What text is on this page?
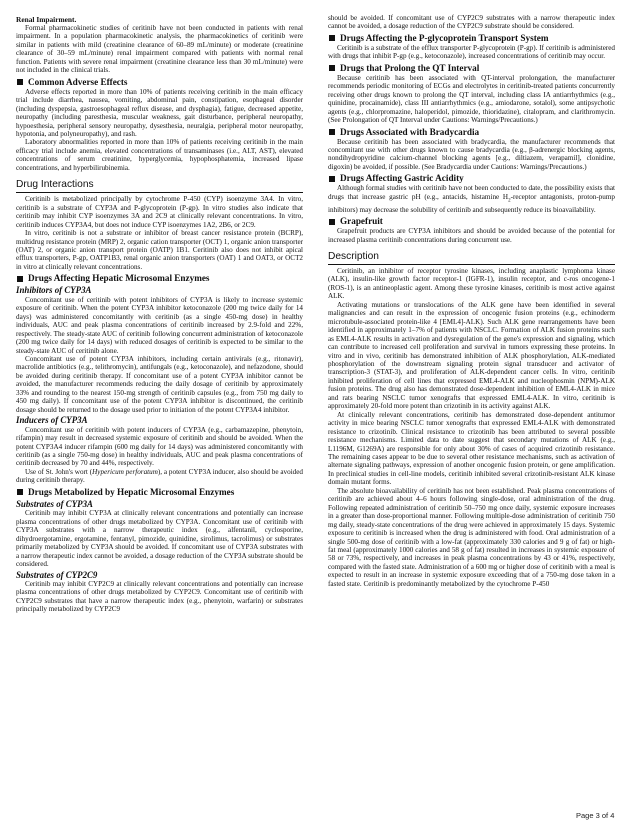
Renal Impairment.

Formal pharmacokinetic studies of ceritinib have not been conducted in patients with renal impairment. In a population pharmacokinetic analysis, the pharmacokinetics of ceritinib were similar in patients with mild (creatinine clearance of 60–89 mL/minute) or moderate (creatinine clearance of 30–59 mL/minute) renal impairment compared with patients with normal renal function. Patients with severe renal impairment (creatinine clearance less than 30 mL/minute) were not included in the clinical trials.

Common Adverse Effects

Adverse effects reported in more than 10% of patients receiving ceritinib in the main efficacy trial include diarrhea, nausea, vomiting, abdominal pain, constipation, esophageal disorder (including dyspepsia, gastroesophageal reflux disease, and dysphagia), fatigue, decreased appetite, neuropathy (including paresthesia, muscular weakness, gait disturbance, peripheral neuropathy, hypoesthesia, peripheral sensory neuropathy, dysesthesia, neuralgia, peripheral motor neuropathy, hypotonia, and polyneuropathy), and rash.

Laboratory abnormalities reported in more than 10% of patients receiving ceritinib in the main efficacy trial include anemia, elevated concentrations of transaminases (i.e., ALT, AST), elevated concentrations of serum creatinine, hyperglycemia, hypophosphatemia, increased lipase concentrations, and hyperbilirubinemia.

Drug Interactions

Ceritinib is metabolized principally by cytochrome P-450 (CYP) isoenzyme 3A4. In vitro, ceritinib is a substrate of CYP3A and P-glycoprotein (P-gp). In vitro studies also indicate that ceritinib may inhibit CYP isoenzymes 3A and 2C9 at clinically relevant concentrations. In vitro, ceritinib induces CYP3A4, but does not induce CYP isoenzymes 1A2, 2B6, or 2C9.

In vitro, ceritinib is not a substrate or inhibitor of breast cancer resistance protein (BCRP), multidrug resistance protein (MRP) 2, organic cation transporter (OCT) 1, organic anion transporter (OAT) 2, or organic anion transport protein (OATP) 1B1. Ceritinib also does not inhibit apical efflux transporters, P-gp, OATP1B3, renal organic anion transporters (OAT) 1 and OAT3, or OCT2 in vitro at clinically relevant concentrations.

Drugs Affecting Hepatic Microsomal Enzymes
Inhibitors of CYP3A

Concomitant use of ceritinib with potent inhibitors of CYP3A is likely to increase systemic exposure of ceritinib. When the potent CYP3A inhibitor ketoconazole (200 mg twice daily for 14 days) was administered concomitantly with ceritinib (as a single 450-mg dose) in healthy individuals, AUC and peak plasma concentrations of ceritinib increased by 2.9-fold and 22%, respectively. The steady-state AUC of ceritinib following concurrent administration of ketoconazole (200 mg twice daily for 14 days) with reduced dosages of ceritinib is expected to be similar to the steady-state AUC of ceritinib alone.

Concomitant use of potent CYP3A inhibitors, including certain antivirals (e.g., ritonavir), macrolide antibiotics (e.g., telithromycin), antifungals (e.g., ketoconazole), and nefazodone, should be avoided during ceritinib therapy. If concomitant use of a potent CYP3A inhibitor cannot be avoided, the manufacturer recommends reducing the daily dosage of ceritinib by approximately 33% and rounding to the nearest 150-mg strength of ceritinib capsules (e.g., from 750 mg daily to 450 mg daily). If concomitant use of the potent CYP3A inhibitor is discontinued, the ceritinib dosage should be returned to the dosage used prior to initiation of the potent CYP3A4 inhibitor.

Inducers of CYP3A

Concomitant use of ceritinib with potent inducers of CYP3A (e.g., carbamazepine, phenytoin, rifampin) may result in decreased systemic exposure of ceritinib and should be avoided. When the potent CYP3A4 inducer rifampin (600 mg daily for 14 days) was administered concomitantly with ceritinib (as a single 750-mg dose) in healthy individuals, AUC and peak plasma concentrations of ceritinib decreased by 70 and 44%, respectively.

Use of St. John's wort (Hypericum perforatum), a potent CYP3A inducer, also should be avoided during ceritinib therapy.

Drugs Metabolized by Hepatic Microsomal Enzymes
Substrates of CYP3A

Ceritinib may inhibit CYP3A at clinically relevant concentrations and potentially can increase plasma concentrations of other drugs metabolized by CYP3A. Concomitant use of ceritinib with CYP3A substrates with a narrow therapeutic index (e.g., alfentanil, cyclosporine, dihydroergotamine, ergotamine, fentanyl, pimozide, quinidine, sirolimus, tacrolimus) or substrates primarily metabolized by CYP3A should be avoided. If concomitant use of CYP3A substrates with a narrow therapeutic index cannot be avoided, a dosage reduction of the CYP3A substrate should be considered.

Substrates of CYP2C9

Ceritinib may inhibit CYP2C9 at clinically relevant concentrations and potentially can increase plasma concentrations of other drugs metabolized by CYP2C9. Concomitant use of ceritinib with CYP2C9 substrates that have a narrow therapeutic index (e.g., phenytoin, warfarin) or substrates principally metabolized by CYP2C9

should be avoided. If concomitant use of CYP2C9 substrates with a narrow therapeutic index cannot be avoided, a dosage reduction of the CYP2C9 substrate should be considered.

Drugs Affecting the P-glycoprotein Transport System

Ceritinib is a substrate of the efflux transporter P-glycoprotein (P-gp). If ceritinib is administered with drugs that inhibit P-gp (e.g., ketoconazole), increased concentrations of ceritinib may occur.

Drugs that Prolong the QT Interval

Because ceritinib has been associated with QT-interval prolongation, the manufacturer recommends periodic monitoring of ECGs and electrolytes in ceritinib-treated patients concurrently receiving other drugs known to prolong the QT interval, including class IA antiarrhythmics (e.g., quinidine, procainamide), class III antiarrhythmics (e.g., amiodarone, sotalol), some antipsychotic agents (e.g., chlorpromazine, haloperidol, pimozide, thioridazine), citalopram, and clarithromycin. (See Prolongation of QT Interval under Cautions: Warnings/Precautions.)

Drugs Associated with Bradycardia

Because ceritinib has been associated with bradycardia, the manufacturer recommends that concomitant use with other drugs known to cause bradycardia (e.g., β-adrenergic blocking agents, nondihydropyridine calcium-channel blocking agents [e.g., diltiazem, verapamil], clonidine, digoxin) be avoided, if possible. (See Bradycardia under Cautions: Warnings/Precautions.)

Drugs Affecting Gastric Acidity

Although formal studies with ceritinib have not been conducted to date, the possibility exists that drugs that increase gastric pH (e.g., antacids, histamine $H_2$-receptor antagonists, proton-pump inhibitors) may decrease the solubility of ceritinib and subsequently reduce its bioavailability.

Grapefruit

Grapefruit products are CYP3A inhibitors and should be avoided because of the potential for increased plasma ceritinib concentrations during concurrent use.

Description

Ceritinib, an inhibitor of receptor tyrosine kinases, including anaplastic lymphoma kinase (ALK), insulin-like growth factor receptor-1 (IGFR-1), insulin receptor, and c-ros oncogene-1 (ROS-1), is an antineoplastic agent. Among these tyrosine kinases, ceritinib is most active against ALK.

Activating mutations or translocations of the ALK gene have been identified in several malignancies and can result in the expression of oncogenic fusion proteins (e.g., echinoderm microtubule-associated protein-like 4 [EML4]-ALK). Such ALK gene rearrangements have been identified in approximately 1–7% of patients with NSCLC. Formation of ALK fusion proteins such as EML4-ALK results in activation and dysregulation of the gene's expression and signaling, which can contribute to increased cell proliferation and survival in tumors expressing these proteins. In vitro and in vivo, ceritinib has demonstrated inhibition of ALK phosphorylation, ALK-mediated phosphorylation of the downstream signaling protein signal transducer and activator of transcription-3 (STAT-3), and proliferation of ALK-dependent cancer cells. In vitro, ceritinib inhibited proliferation of cell lines that expressed EML4-ALK and nucleophosmin (NPM)-ALK fusion proteins. The drug also has demonstrated dose-dependent inhibition of EML4-ALK in mice and rats bearing NSCLC tumor xenografts that expressed EML4-ALK. In vitro, ceritinib is approximately 20-fold more potent than crizotinib in its activity against ALK.

At clinically relevant concentrations, ceritinib has demonstrated dose-dependent antitumor activity in mice bearing NSCLC tumor xenografts that expressed EML4-ALK with demonstrated resistance to crizotinib. Clinical resistance to crizotinib has been attributed to several possible resistance mechanisms. Limited data to date suggest that secondary mutations of ALK (e.g., L1196M, G1269A) are responsible for only about 30% of cases of acquired crizotinib resistance. The remaining cases appear to be due to several other resistance mechanisms, such as activation of alternate signaling pathways, expression of another oncogenic fusion protein, or gene amplification. In preclinical studies in cell-line models, ceritinib inhibited several crizotinib-resistant ALK kinase domain mutant forms.

The absolute bioavailability of ceritinib has not been established. Peak plasma concentrations of ceritinib are achieved about 4–6 hours following single-dose, oral administration of the drug. Following repeated administration of ceritinib 50–750 mg once daily, systemic exposure increases in a greater than dose-proportional manner. Following multiple-dose administration of ceritinib 750 mg daily, steady-state concentrations of the drug were achieved in approximately 15 days. Systemic exposure to ceritinib is increased when the drug is administered with food. Oral administration of a single 500-mg dose of ceritinib with a low-fat (approximately 330 calories and 9 g of fat) or high-fat meal (approximately 1000 calories and 58 g of fat) resulted in increases in systemic exposure of 58 or 73%, respectively, and increases in peak plasma concentrations by 43 or 41%, respectively, compared with the fasted state. Administration of a 600 mg or higher dose of ceritinib with a meal is expected to result in an increase in systemic exposure exceeding that of a 750-mg dose taken in a fasted state. Ceritinib is predominantly metabolized by the cytochrome P-450

Page 3 of 4
